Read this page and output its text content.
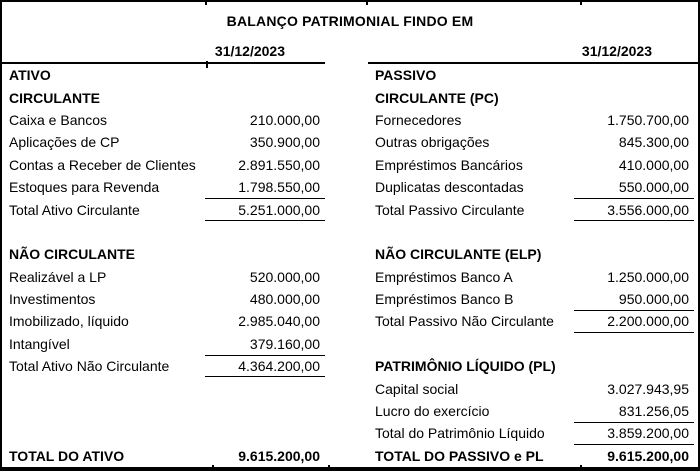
BALANÇO PATRIMONIAL FINDO EM
31/12/2023	31/12/2023
ATIVO
CIRCULANTE
Caixa e Bancos	210.000,00
Aplicações de CP	350.900,00
Contas a Receber de Clientes	2.891.550,00
Estoques para Revenda	1.798.550,00
Total Ativo Circulante	5.251.000,00
NÃO CIRCULANTE
Realizável a LP	520.000,00
Investimentos	480.000,00
Imobilizado, líquido	2.985.040,00
Intangível	379.160,00
Total Ativo Não Circulante	4.364.200,00
TOTAL DO ATIVO	9.615.200,00
PASSIVO
CIRCULANTE (PC)
Fornecedores	1.750.700,00
Outras obrigações	845.300,00
Empréstimos Bancários	410.000,00
Duplicatas descontadas	550.000,00
Total Passivo Circulante	3.556.000,00
NÃO CIRCULANTE (ELP)
Empréstimos Banco A	1.250.000,00
Empréstimos Banco B	950.000,00
Total Passivo Não Circulante	2.200.000,00
PATRIMÔNIO LÍQUIDO (PL)
Capital social	3.027.943,95
Lucro do exercício	831.256,05
Total do Patrimônio Líquido	3.859.200,00
TOTAL DO PASSIVO e PL	9.615.200,00
